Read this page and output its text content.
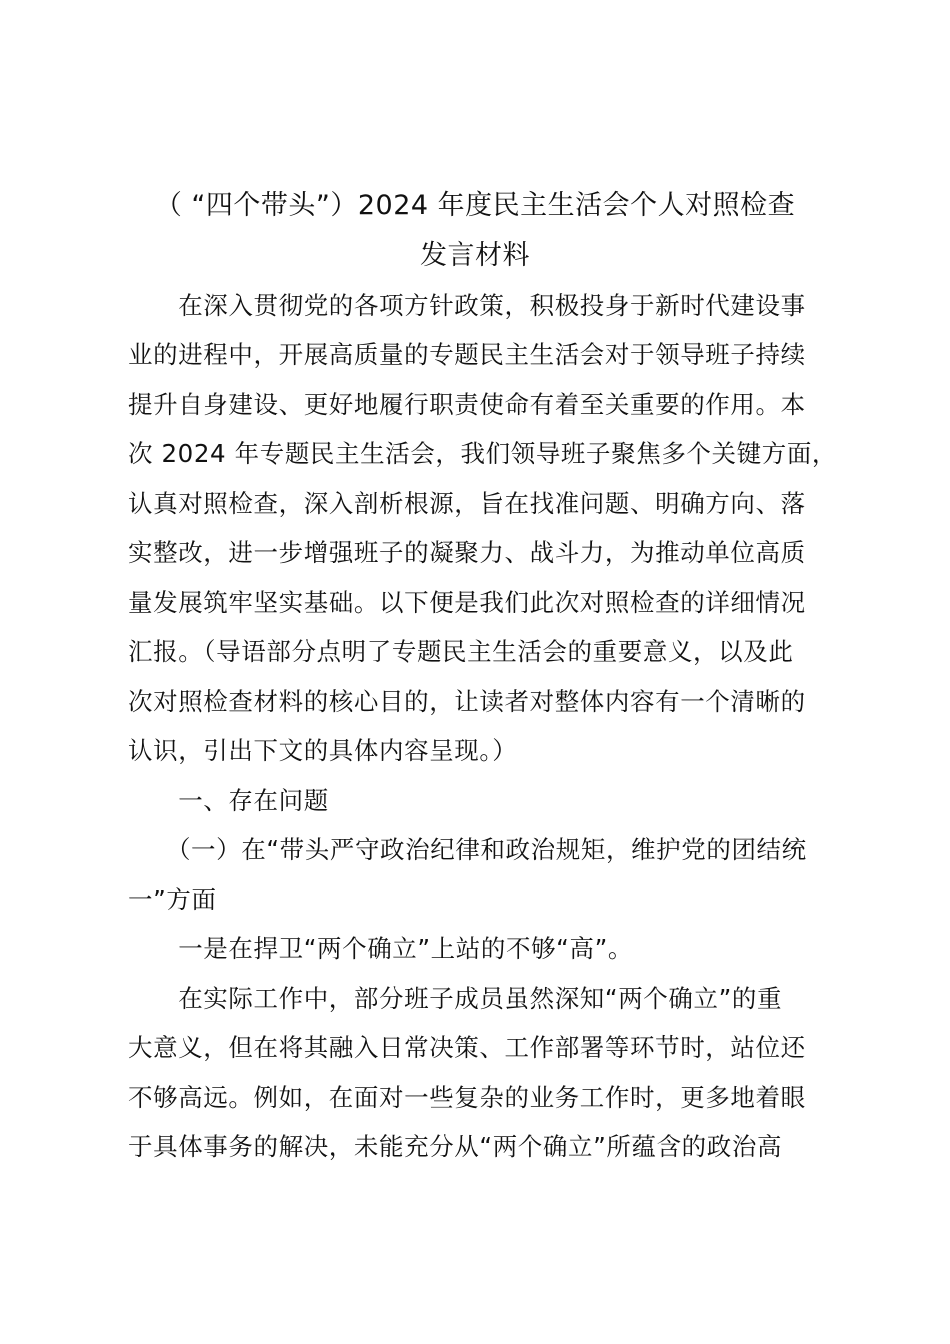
（ “四个带头”）2024 年度民主生活会个人对照检查
发言材料
　　在深入贯彻党的各项方针政策，积极投身于新时代建设事
业的进程中，开展高质量的专题民主生活会对于领导班子持续
提升自身建设、更好地履行职责使命有着至关重要的作用。本
次 2024 年专题民主生活会，我们领导班子聚焦多个关键方面，
认真对照检查，深入剖析根源，旨在找准问题、明确方向、落
实整改，进一步增强班子的凝聚力、战斗力，为推动单位高质
量发展筑牢坚实基础。以下便是我们此次对照检查的详细情况
汇报。（导语部分点明了专题民主生活会的重要意义，以及此
次对照检查材料的核心目的，让读者对整体内容有一个清晰的
认识，引出下文的具体内容呈现。）
　　一、存在问题
　　（一）在“带头严守政治纪律和政治规矩，维护党的团结统
一”方面
　　一是在捍卫“两个确立”上站的不够“高”。
　　在实际工作中，部分班子成员虽然深知“两个确立”的重
大意义，但在将其融入日常决策、工作部署等环节时，站位还
不够高远。例如，在面对一些复杂的业务工作时，更多地着眼
于具体事务的解决，未能充分从“两个确立”所蕴含的政治高
